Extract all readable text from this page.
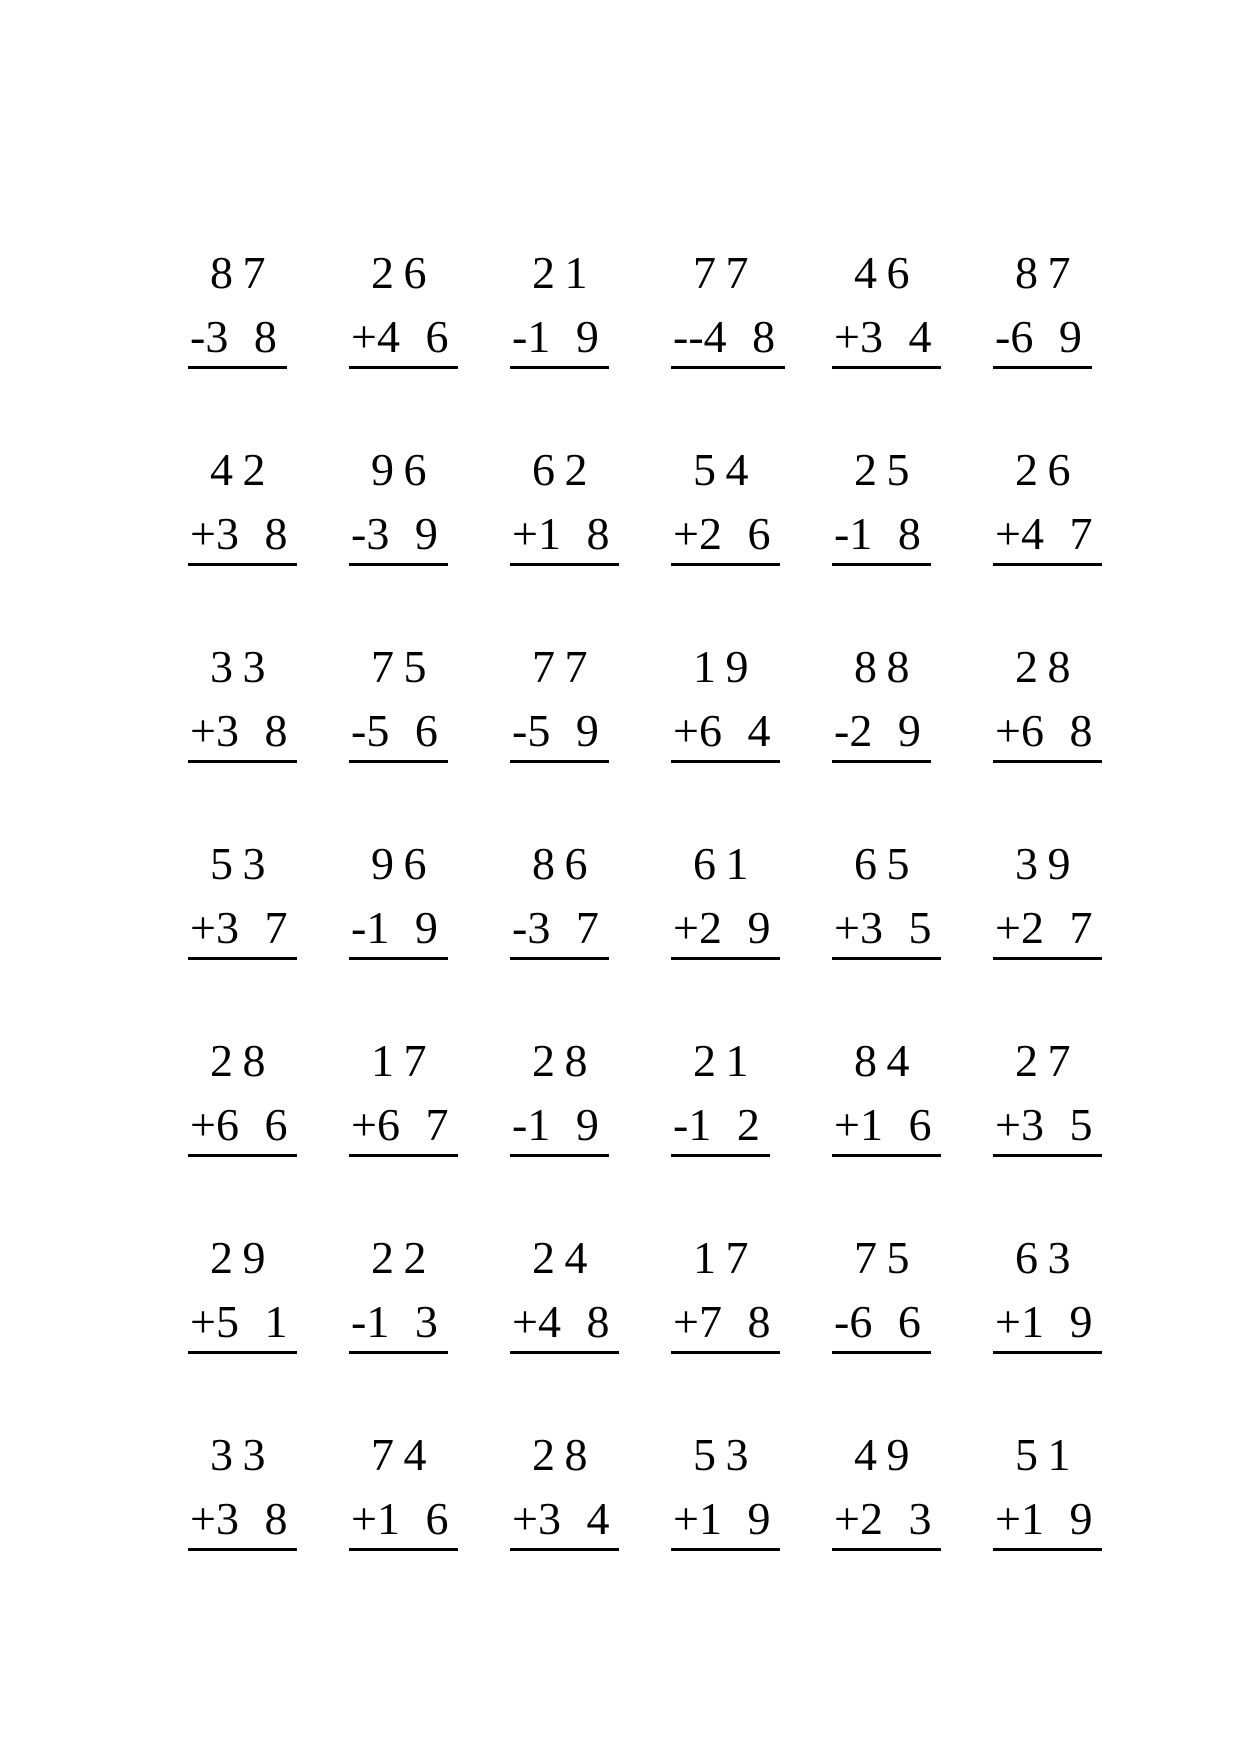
8 7
-3 8
2 6
+4 6
2 1
-1 9
7 7
--4 8
4 6
+3 4
8 7
-6 9
4 2
+3 8
9 6
-3 9
6 2
+1 8
5 4
+2 6
2 5
-1 8
2 6
+4 7
3 3
+3 8
7 5
-5 6
7 7
-5 9
1 9
+6 4
8 8
-2 9
2 8
+6 8
5 3
+3 7
9 6
-1 9
8 6
-3 7
6 1
+2 9
6 5
+3 5
3 9
+2 7
2 8
+6 6
1 7
+6 7
2 8
-1 9
2 1
-1 2
8 4
+1 6
2 7
+3 5
2 9
+5 1
2 2
-1 3
2 4
+4 8
1 7
+7 8
7 5
-6 6
6 3
+1 9
3 3
+3 8
7 4
+1 6
2 8
+3 4
5 3
+1 9
4 9
+2 3
5 1
+1 9
